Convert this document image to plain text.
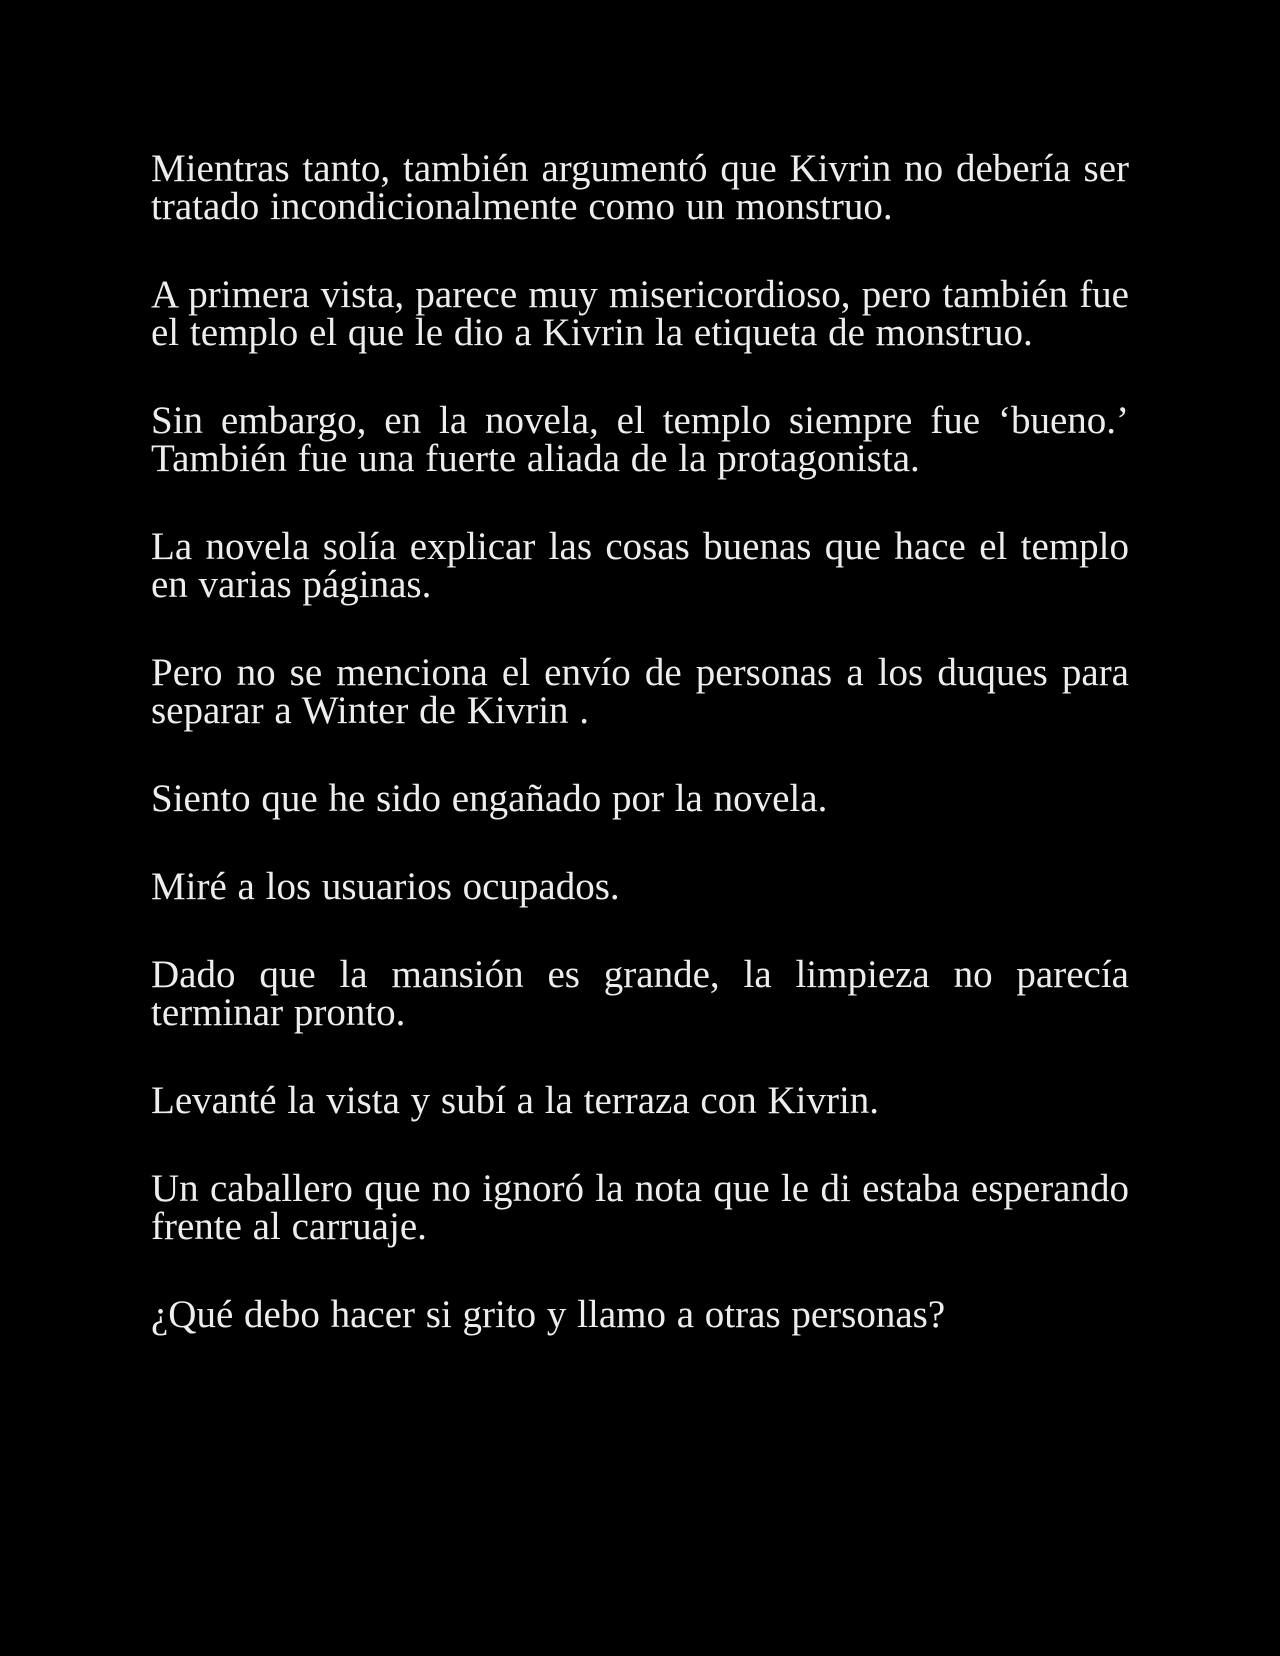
Mientras tanto, también argumentó que Kivrin no debería ser tratado incondicionalmente como un monstruo.

A primera vista, parece muy misericordioso, pero también fue el templo el que le dio a Kivrin la etiqueta de monstruo.

Sin embargo, en la novela, el templo siempre fue ‘bueno.’ También fue una fuerte aliada de la protagonista.

La novela solía explicar las cosas buenas que hace el templo en varias páginas.

Pero no se menciona el envío de personas a los duques para separar a Winter de Kivrin .

Siento que he sido engañado por la novela.

Miré a los usuarios ocupados.

Dado que la mansión es grande, la limpieza no parecía terminar pronto.

Levanté la vista y subí a la terraza con Kivrin.

Un caballero que no ignoró la nota que le di estaba esperando frente al carruaje.

¿Qué debo hacer si grito y llamo a otras personas?
